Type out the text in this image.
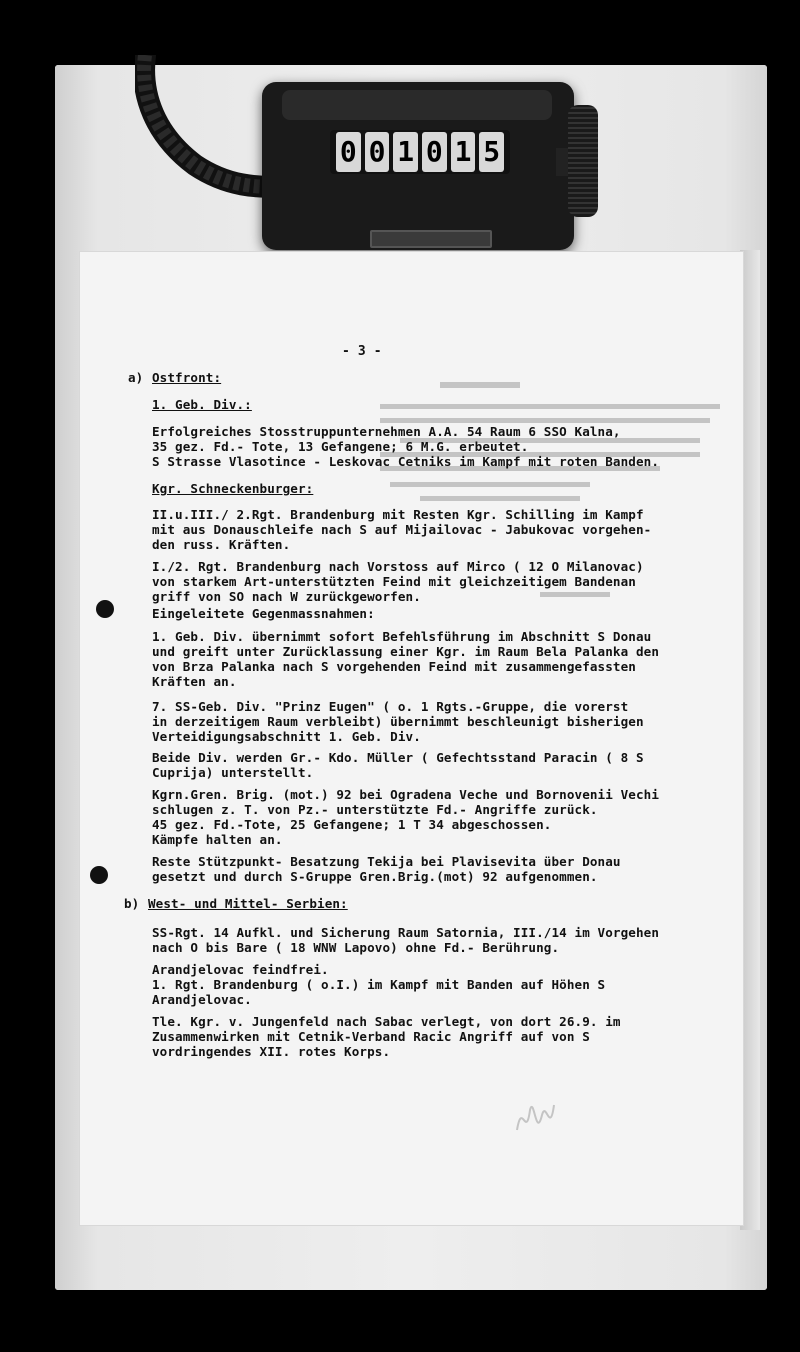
0 0 1 0 1 5

- 3 -

a)

Ostfront:

1. Geb. Div.:

Erfolgreiches Stosstruppunternehmen A.A. 54 Raum 6 SSO Kalna,

35 gez. Fd.- Tote, 13 Gefangene; 6 M.G. erbeutet.

S Strasse Vlasotince - Leskovac Cetniks im Kampf mit roten Banden.

Kgr. Schneckenburger:

II.u.III./ 2.Rgt. Brandenburg mit Resten Kgr. Schilling im Kampf

mit aus Donauschleife nach S auf Mijailovac - Jabukovac vorgehen-

den russ. Kräften.

I./2. Rgt. Brandenburg nach Vorstoss auf Mirco ( 12 O Milanovac)

von starkem Art-unterstützten Feind mit gleichzeitigem Bandenan

griff von SO nach W zurückgeworfen.

Eingeleitete Gegenmassnahmen:

1. Geb. Div. übernimmt sofort Befehlsführung im Abschnitt S Donau

und greift unter Zurücklassung einer Kgr. im Raum Bela Palanka den

von Brza Palanka nach S vorgehenden Feind mit zusammengefassten

Kräften an.

7. SS-Geb. Div. "Prinz Eugen" ( o. 1 Rgts.-Gruppe, die vorerst

in derzeitigem Raum verbleibt) übernimmt beschleunigt bisherigen

Verteidigungsabschnitt 1. Geb. Div.

Beide Div. werden Gr.- Kdo. Müller ( Gefechtsstand Paracin ( 8 S

Cuprija) unterstellt.

Kgrn.Gren. Brig. (mot.) 92 bei Ogradena Veche und Bornovenii Vechi

schlugen z. T. von Pz.- unterstützte Fd.- Angriffe zurück.

45 gez. Fd.-Tote, 25 Gefangene; 1 T 34 abgeschossen.

Kämpfe halten an.

Reste Stützpunkt- Besatzung Tekija bei Plavisevita über Donau

gesetzt und durch S-Gruppe Gren.Brig.(mot) 92 aufgenommen.

b)

West- und Mittel- Serbien:

SS-Rgt. 14 Aufkl. und Sicherung Raum Satornia, III./14 im Vorgehen

nach O bis Bare ( 18 WNW Lapovo) ohne Fd.- Berührung.

Arandjelovac feindfrei.

1. Rgt. Brandenburg ( o.I.) im Kampf mit Banden auf Höhen S

Arandjelovac.

Tle. Kgr. v. Jungenfeld nach Sabac verlegt, von dort 26.9. im

Zusammenwirken mit Cetnik-Verband Racic Angriff auf von S

vordringendes XII. rotes Korps.
